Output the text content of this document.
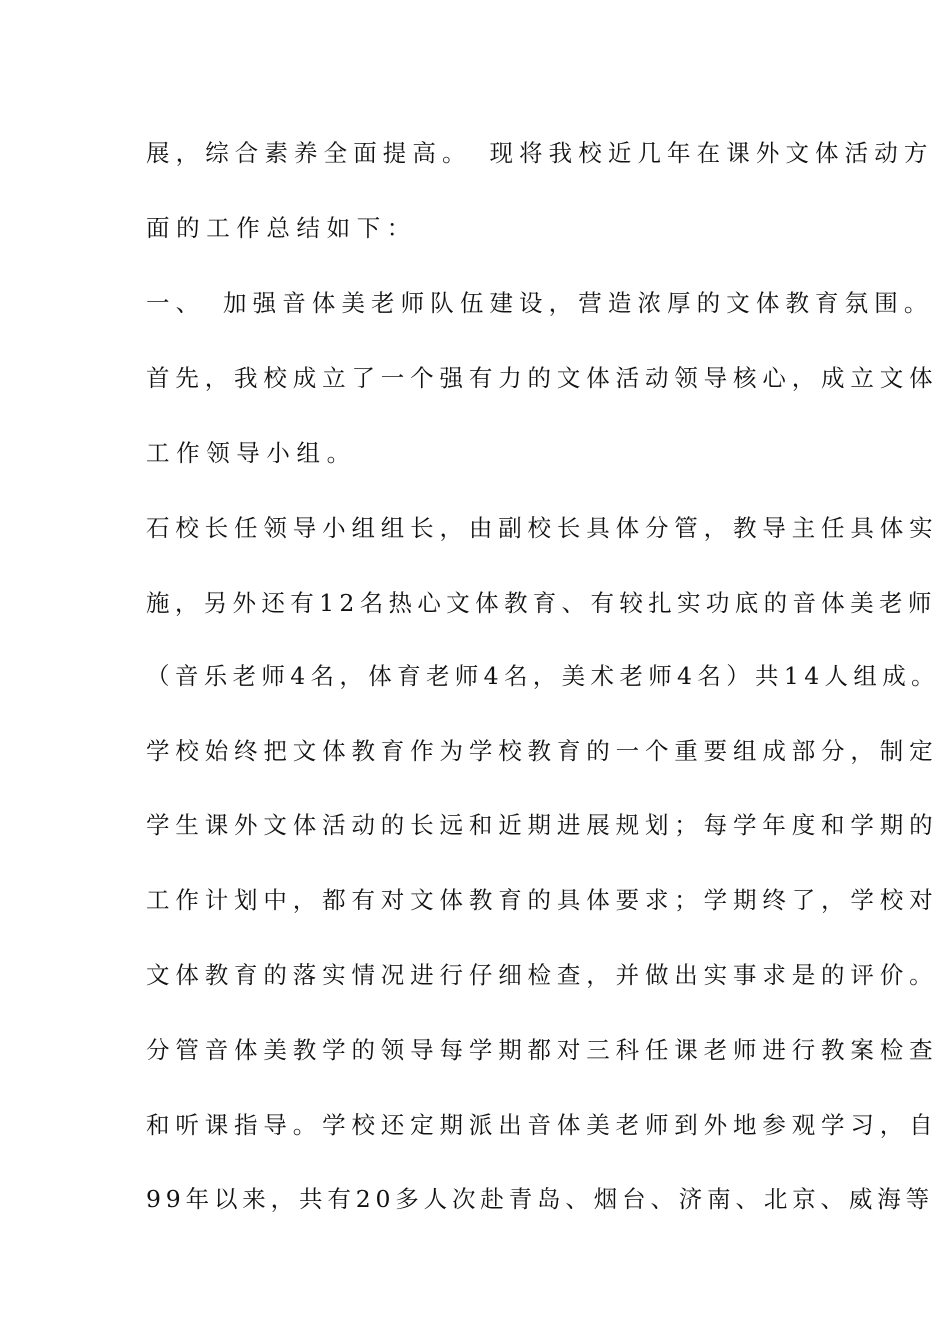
展，综合素养全面提高。　现将我校近几年在课外文体活动方
面的工作总结如下：
一、　加强音体美老师队伍建设，营造浓厚的文体教育氛围。
首先，我校成立了一个强有力的文体活动领导核心，成立文体
工作领导小组。
石校长任领导小组组长，由副校长具体分管，教导主任具体实
施，另外还有12名热心文体教育、有较扎实功底的音体美老师
（音乐老师4名，体育老师4名，美术老师4名）共14人组成。
学校始终把文体教育作为学校教育的一个重要组成部分，制定
学生课外文体活动的长远和近期进展规划；每学年度和学期的
工作计划中，都有对文体教育的具体要求；学期终了，学校对
文体教育的落实情况进行仔细检查，并做出实事求是的评价。
分管音体美教学的领导每学期都对三科任课老师进行教案检查
和听课指导。学校还定期派出音体美老师到外地参观学习，自
99年以来，共有20多人次赴青岛、烟台、济南、北京、威海等
